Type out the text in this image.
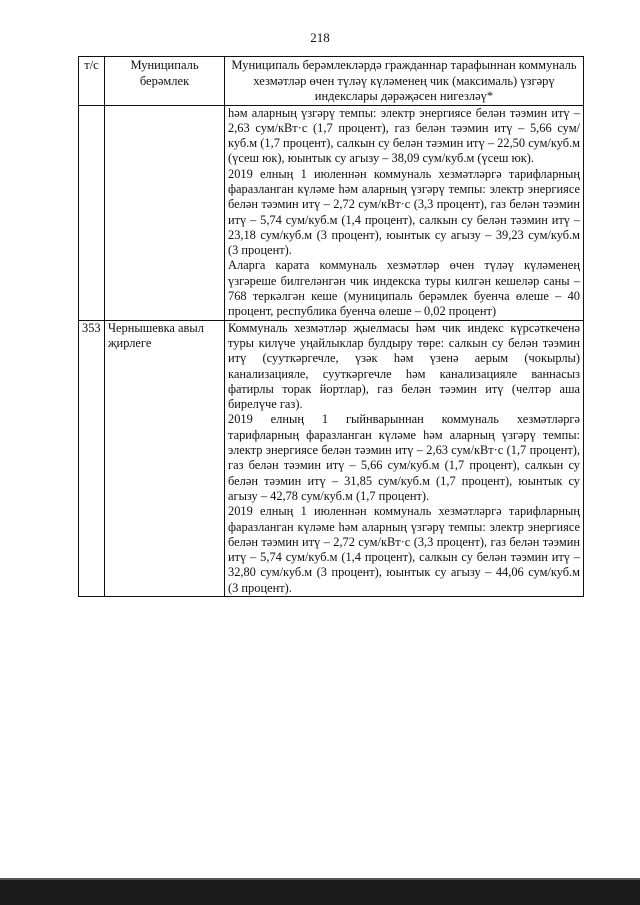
218
т/с	Муниципаль берәмлек	Муниципаль берәмлекләрдә гражданнар тарафыннан коммуналь хезмәтләр өчен түләү күләменең чик (максималь) үзгәрү индекслары дәрәҗәсен нигезләү*

		һәм аларның үзгәрү темпы: электр энергиясе белән тәэмин итү – 2,63 сум/кВт·с (1,7 процент), газ белән тәэмин итү – 5,66 сум/куб.м (1,7 процент), салкын су белән тәэмин итү – 22,50 сум/куб.м (үсеш юк), юынтык су агызу – 38,09 сум/куб.м (үсеш юк).

2019 елның 1 июленнән коммуналь хезмәтләргә тарифларның фаразланган күләме һәм аларның үзгәрү темпы: электр энергиясе белән тәэмин итү – 2,72 сум/кВт·с (3,3 процент), газ белән тәэмин итү – 5,74 сум/куб.м (1,4 процент), салкын су белән тәэмин итү – 23,18 сум/куб.м (3 процент), юынтык су агызу – 39,23 сум/куб.м (3 процент).

Аларга карата коммуналь хезмәтләр өчен түләү күләменең үзгәреше билгеләнгән чик индекска туры килгән кешеләр саны – 768 теркәлгән кеше (муниципаль берәмлек буенча өлеше – 40 процент, республика буенча өлеше – 0,02 процент)

353	Чернышевка авыл җирлеге	Коммуналь хезмәтләр җыелмасы һәм чик индекс күрсәткеченә туры килүче уңайлыклар булдыру төре: салкын су белән тәэмин итү (сууткәргечле, үзәк һәм үзенә аерым (чокырлы) канализацияле, сууткәргечле һәм канализацияле ваннасыз фатирлы торак йортлар), газ белән тәэмин итү (челтәр аша бирелүче газ).

2019 елның 1 гыйнварыннан коммуналь хезмәтләргә тарифларның фаразланган күләме һәм аларның үзгәрү темпы: электр энергиясе белән тәэмин итү – 2,63 сум/кВт·с (1,7 процент), газ белән тәэмин итү – 5,66 сум/куб.м (1,7 процент), салкын су белән тәэмин итү – 31,85 сум/куб.м (1,7 процент), юынтык су агызу – 42,78 сум/куб.м (1,7 процент).

2019 елның 1 июленнән коммуналь хезмәтләргә тарифларның фаразланган күләме һәм аларның үзгәрү темпы: электр энергиясе белән тәэмин итү – 2,72 сум/кВт·с (3,3 процент), газ белән тәэмин итү – 5,74 сум/куб.м (1,4 процент), салкын су белән тәэмин итү – 32,80 сум/куб.м (3 процент), юынтык су агызу – 44,06 сум/куб.м (3 процент).
